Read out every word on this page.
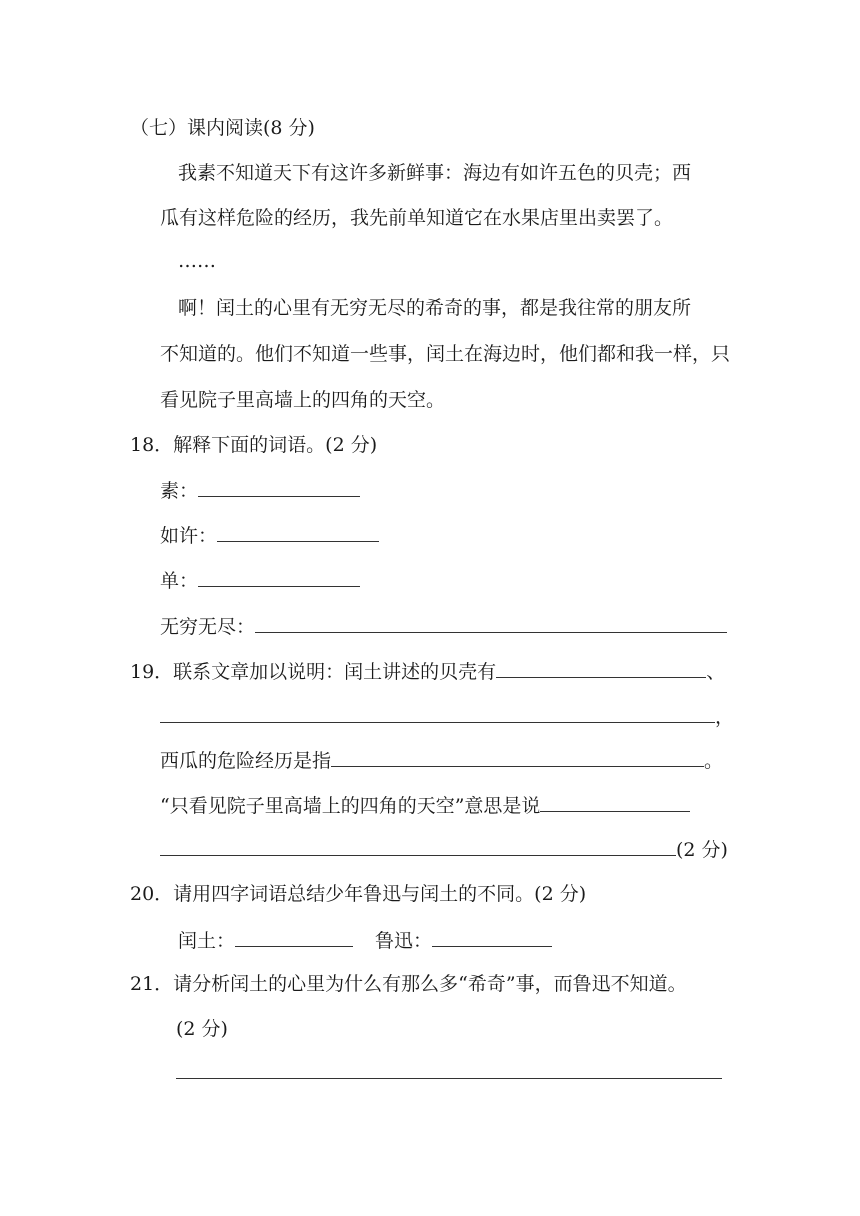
（七）课内阅读(8 分)
我素不知道天下有这许多新鲜事：海边有如许五色的贝壳；西
瓜有这样危险的经历，我先前单知道它在水果店里出卖罢了。
……
啊！闰土的心里有无穷无尽的希奇的事，都是我往常的朋友所
不知道的。他们不知道一些事，闰土在海边时，他们都和我一样，只
看见院子里高墙上的四角的天空。
18．解释下面的词语。(2 分)
素：
如许：
单：
无穷无尽：
19．联系文章加以说明：闰土讲述的贝壳有	、
，
西瓜的危险经历是指	。
“只看见院子里高墙上的四角的天空”意思是说
(2 分)
20．请用四字词语总结少年鲁迅与闰土的不同。(2 分)
闰土：	鲁迅：
21．请分析闰土的心里为什么有那么多“希奇”事，而鲁迅不知道。
(2 分)
